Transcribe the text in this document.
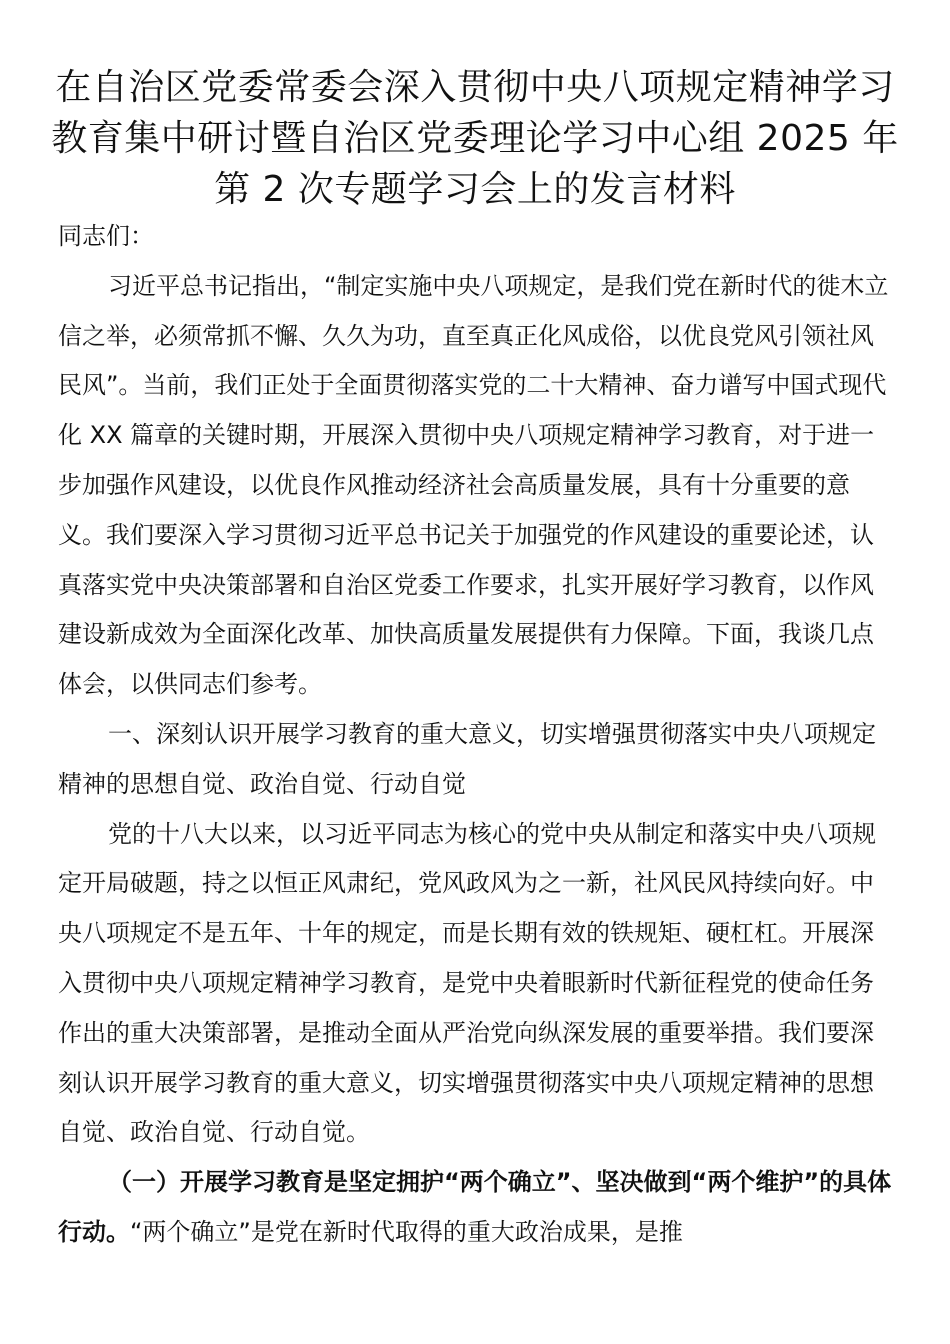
在自治区党委常委会深入贯彻中央八项规定精神学习
教育集中研讨暨自治区党委理论学习中心组 2025 年
第 2 次专题学习会上的发言材料

同志们：

习近平总书记指出，“制定实施中央八项规定，是我们党在新时代的徙木立信之举，必须常抓不懈、久久为功，直至真正化风成俗，以优良党风引领社风民风”。当前，我们正处于全面贯彻落实党的二十大精神、奋力谱写中国式现代化 XX 篇章的关键时期，开展深入贯彻中央八项规定精神学习教育，对于进一步加强作风建设，以优良作风推动经济社会高质量发展，具有十分重要的意义。我们要深入学习贯彻习近平总书记关于加强党的作风建设的重要论述，认真落实党中央决策部署和自治区党委工作要求，扎实开展好学习教育，以作风建设新成效为全面深化改革、加快高质量发展提供有力保障。下面，我谈几点体会，以供同志们参考。

一、深刻认识开展学习教育的重大意义，切实增强贯彻落实中央八项规定精神的思想自觉、政治自觉、行动自觉

党的十八大以来，以习近平同志为核心的党中央从制定和落实中央八项规定开局破题，持之以恒正风肃纪，党风政风为之一新，社风民风持续向好。中央八项规定不是五年、十年的规定，而是长期有效的铁规矩、硬杠杠。开展深入贯彻中央八项规定精神学习教育，是党中央着眼新时代新征程党的使命任务作出的重大决策部署，是推动全面从严治党向纵深发展的重要举措。我们要深刻认识开展学习教育的重大意义，切实增强贯彻落实中央八项规定精神的思想自觉、政治自觉、行动自觉。

（一）开展学习教育是坚定拥护“两个确立”、坚决做到“两个维护”的具体行动。“两个确立”是党在新时代取得的重大政治成果，是推
